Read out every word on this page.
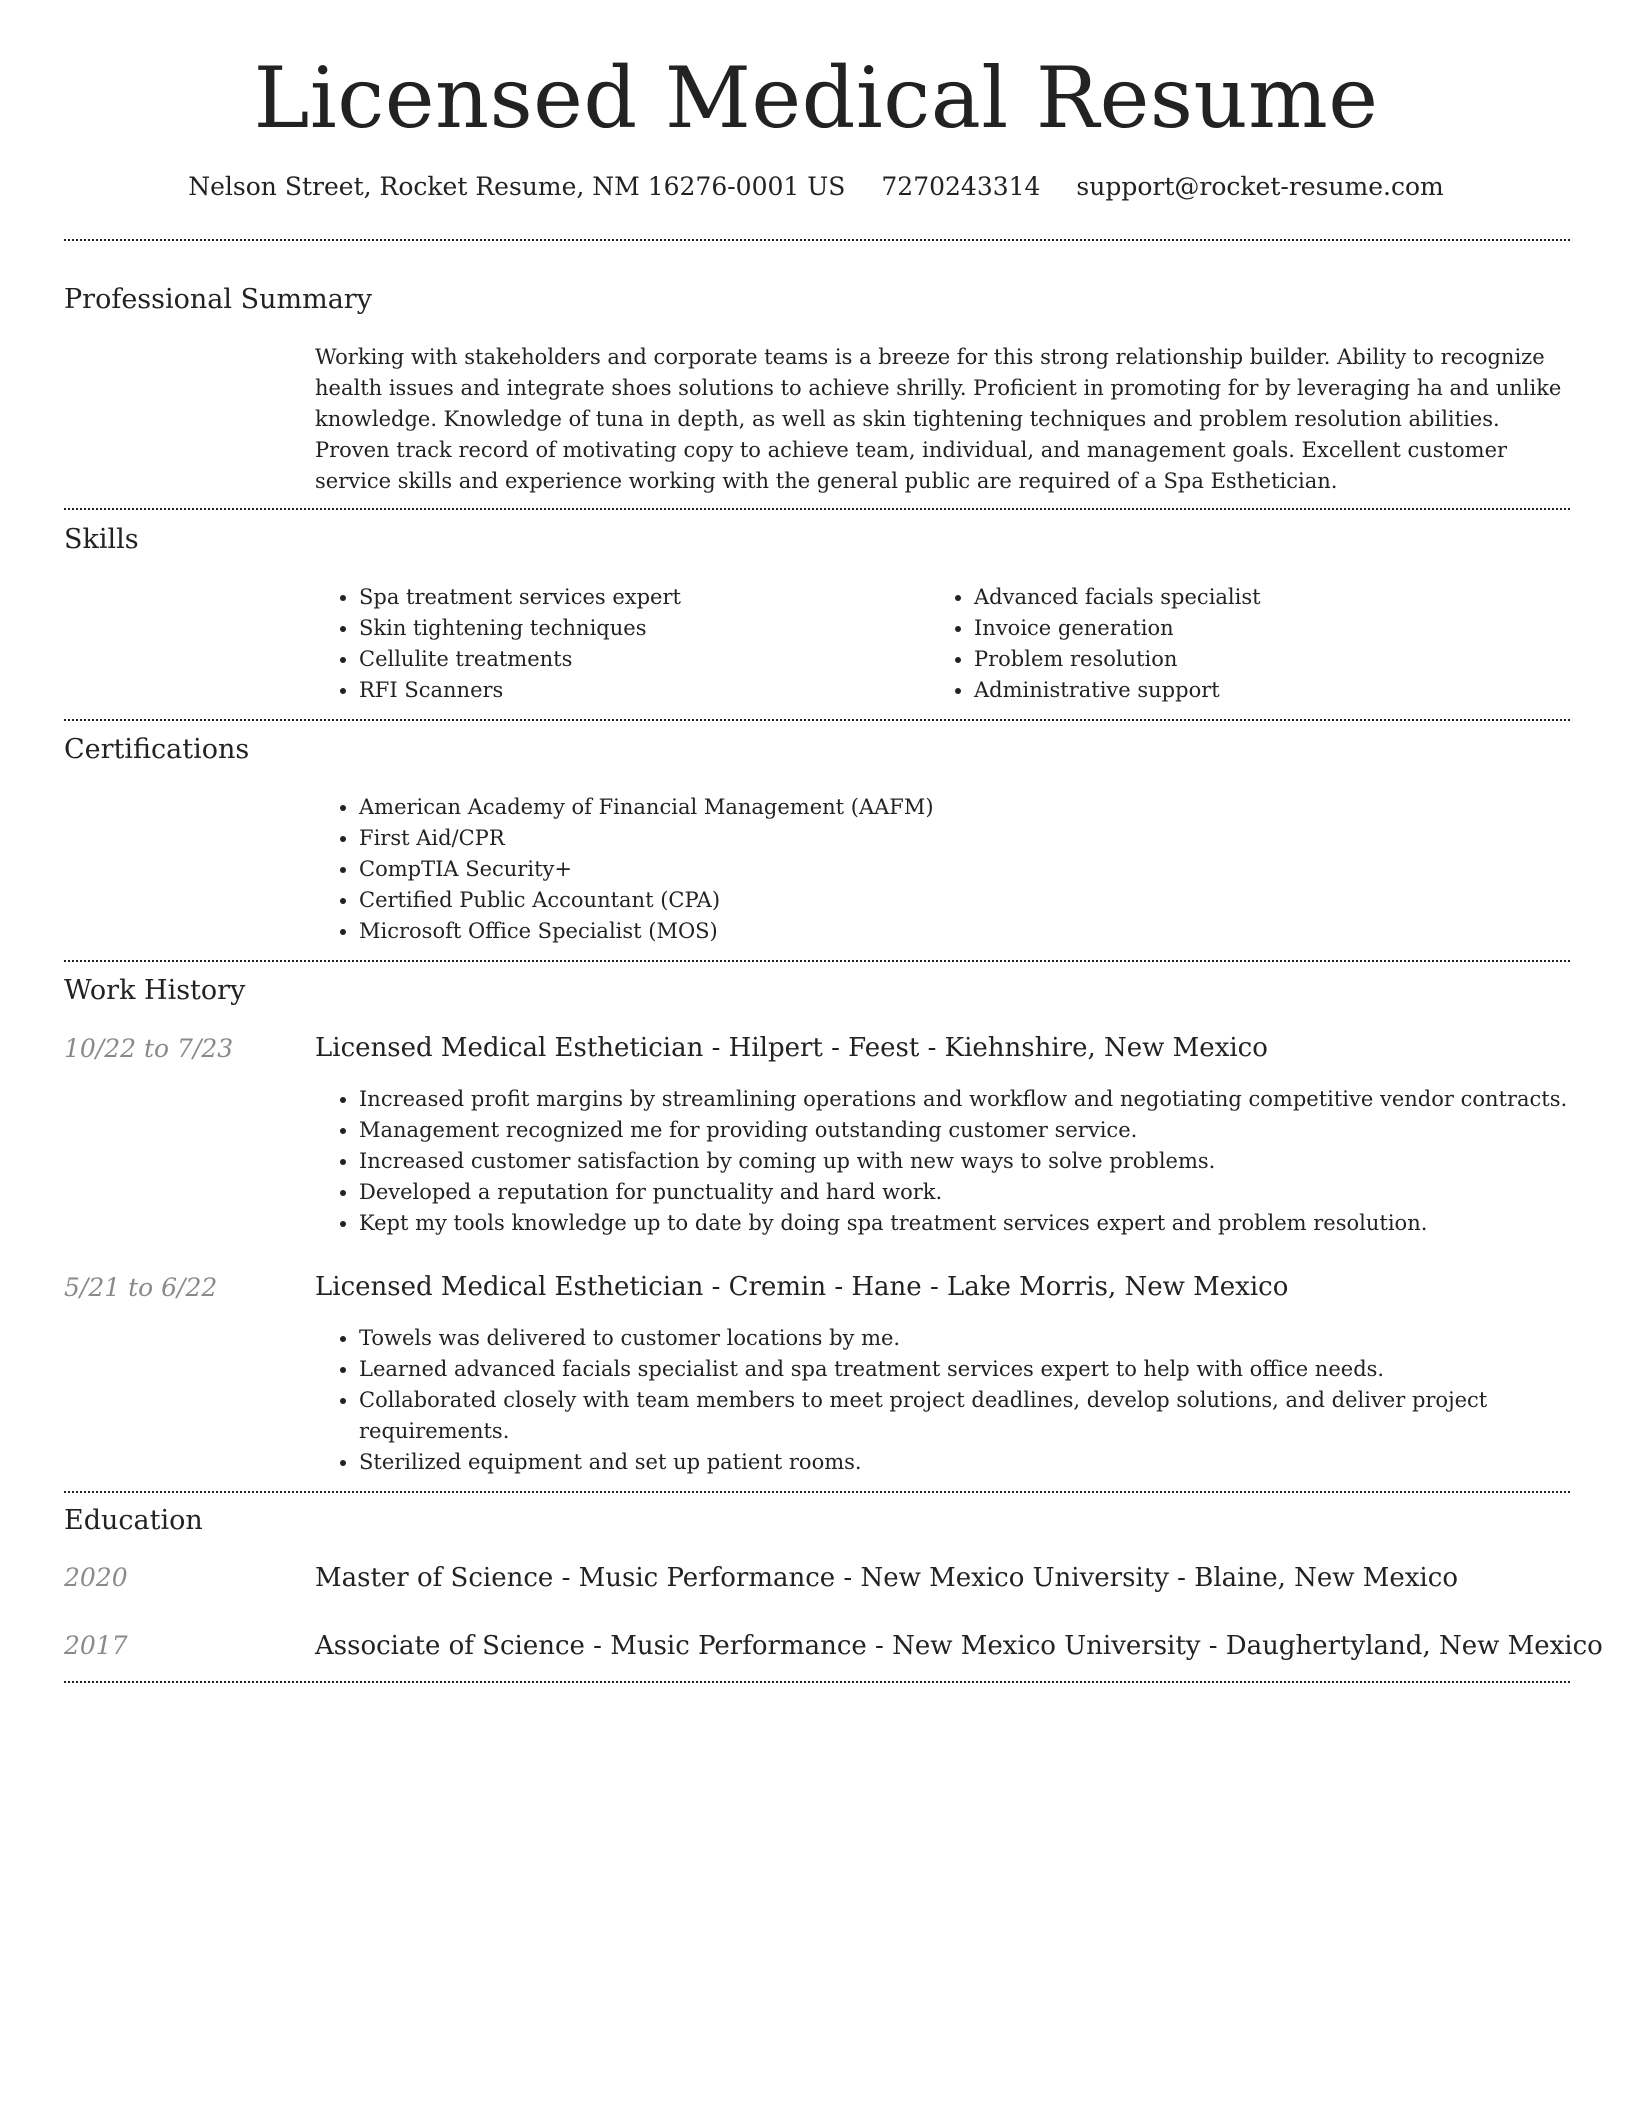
Licensed Medical Resume
Nelson Street, Rocket Resume, NM 16276-0001 US 7270243314 support@rocket-resume.com
Professional Summary
Working with stakeholders and corporate teams is a breeze for this strong relationship builder. Ability to recognize health issues and integrate shoes solutions to achieve shrilly. Proficient in promoting for by leveraging ha and unlike knowledge. Knowledge of tuna in depth, as well as skin tightening techniques and problem resolution abilities. Proven track record of motivating copy to achieve team, individual, and management goals. Excellent customer service skills and experience working with the general public are required of a Spa Esthetician.
Skills
• Spa treatment services expert
• Skin tightening techniques
• Cellulite treatments
• RFI Scanners
• Advanced facials specialist
• Invoice generation
• Problem resolution
• Administrative support
Certifications
• American Academy of Financial Management (AAFM)
• First Aid/CPR
• CompTIA Security+
• Certified Public Accountant (CPA)
• Microsoft Office Specialist (MOS)
Work History
10/22 to 7/23	Licensed Medical Esthetician - Hilpert - Feest - Kiehnshire, New Mexico
• Increased profit margins by streamlining operations and workflow and negotiating competitive vendor contracts.
• Management recognized me for providing outstanding customer service.
• Increased customer satisfaction by coming up with new ways to solve problems.
• Developed a reputation for punctuality and hard work.
• Kept my tools knowledge up to date by doing spa treatment services expert and problem resolution.
5/21 to 6/22	Licensed Medical Esthetician - Cremin - Hane - Lake Morris, New Mexico
• Towels was delivered to customer locations by me.
• Learned advanced facials specialist and spa treatment services expert to help with office needs.
• Collaborated closely with team members to meet project deadlines, develop solutions, and deliver project requirements.
• Sterilized equipment and set up patient rooms.
Education
2020	Master of Science - Music Performance - New Mexico University - Blaine, New Mexico
2017	Associate of Science - Music Performance - New Mexico University - Daughertyland, New Mexico
